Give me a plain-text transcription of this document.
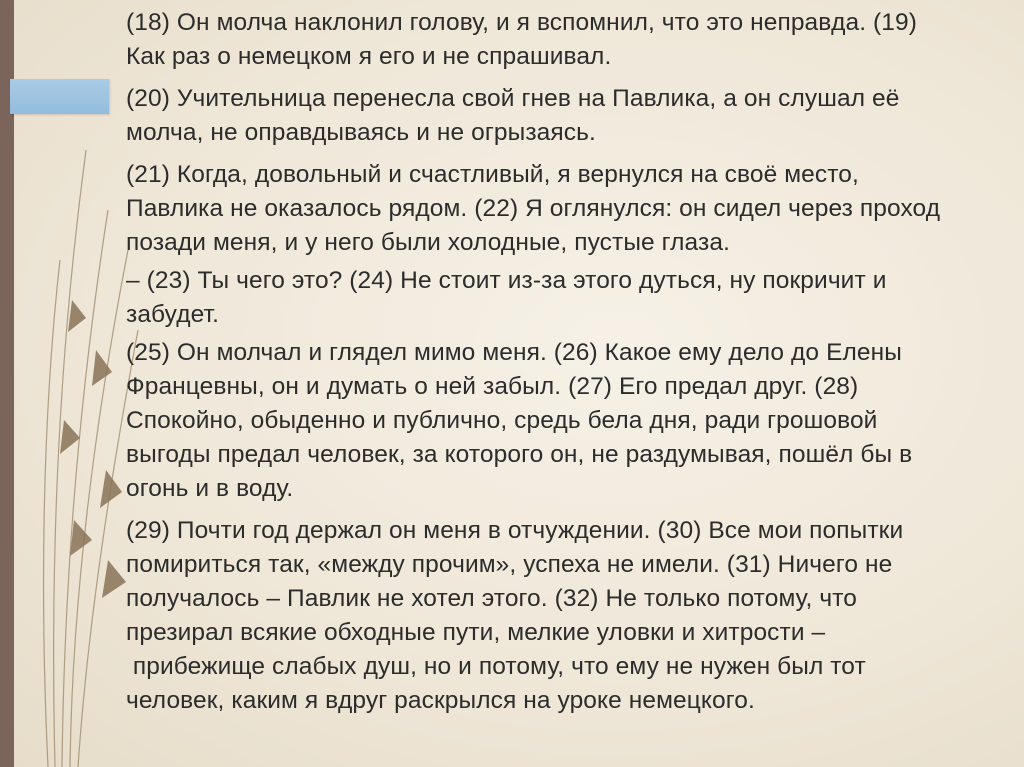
(18) Он молча наклонил голову, и я вспомнил, что это неправда. (19)
Как раз о немецком я его и не спрашивал.

(20) Учительница перенесла свой гнев на Павлика, а он слушал её
молча, не оправдываясь и не огрызаясь.

(21) Когда, довольный и счастливый, я вернулся на своё место,
Павлика не оказалось рядом. (22) Я оглянулся: он сидел через проход
позади меня, и у него были холодные, пустые глаза.

– (23) Ты чего это? (24) Не стоит из-за этого дуться, ну покричит и
забудет.

(25) Он молчал и глядел мимо меня. (26) Какое ему дело до Елены
Францевны, он и думать о ней забыл. (27) Его предал друг. (28)
Спокойно, обыденно и публично, средь бела дня, ради грошовой
выгоды предал человек, за которого он, не раздумывая, пошёл бы в
огонь и в воду.

(29) Почти год держал он меня в отчуждении. (30) Все мои попытки
помириться так, «между прочим», успеха не имели. (31) Ничего не
получалось – Павлик не хотел этого. (32) Не только потому, что
презирал всякие обходные пути, мелкие уловки и хитрости –
прибежище слабых душ, но и потому, что ему не нужен был тот
человек, каким я вдруг раскрылся на уроке немецкого.
